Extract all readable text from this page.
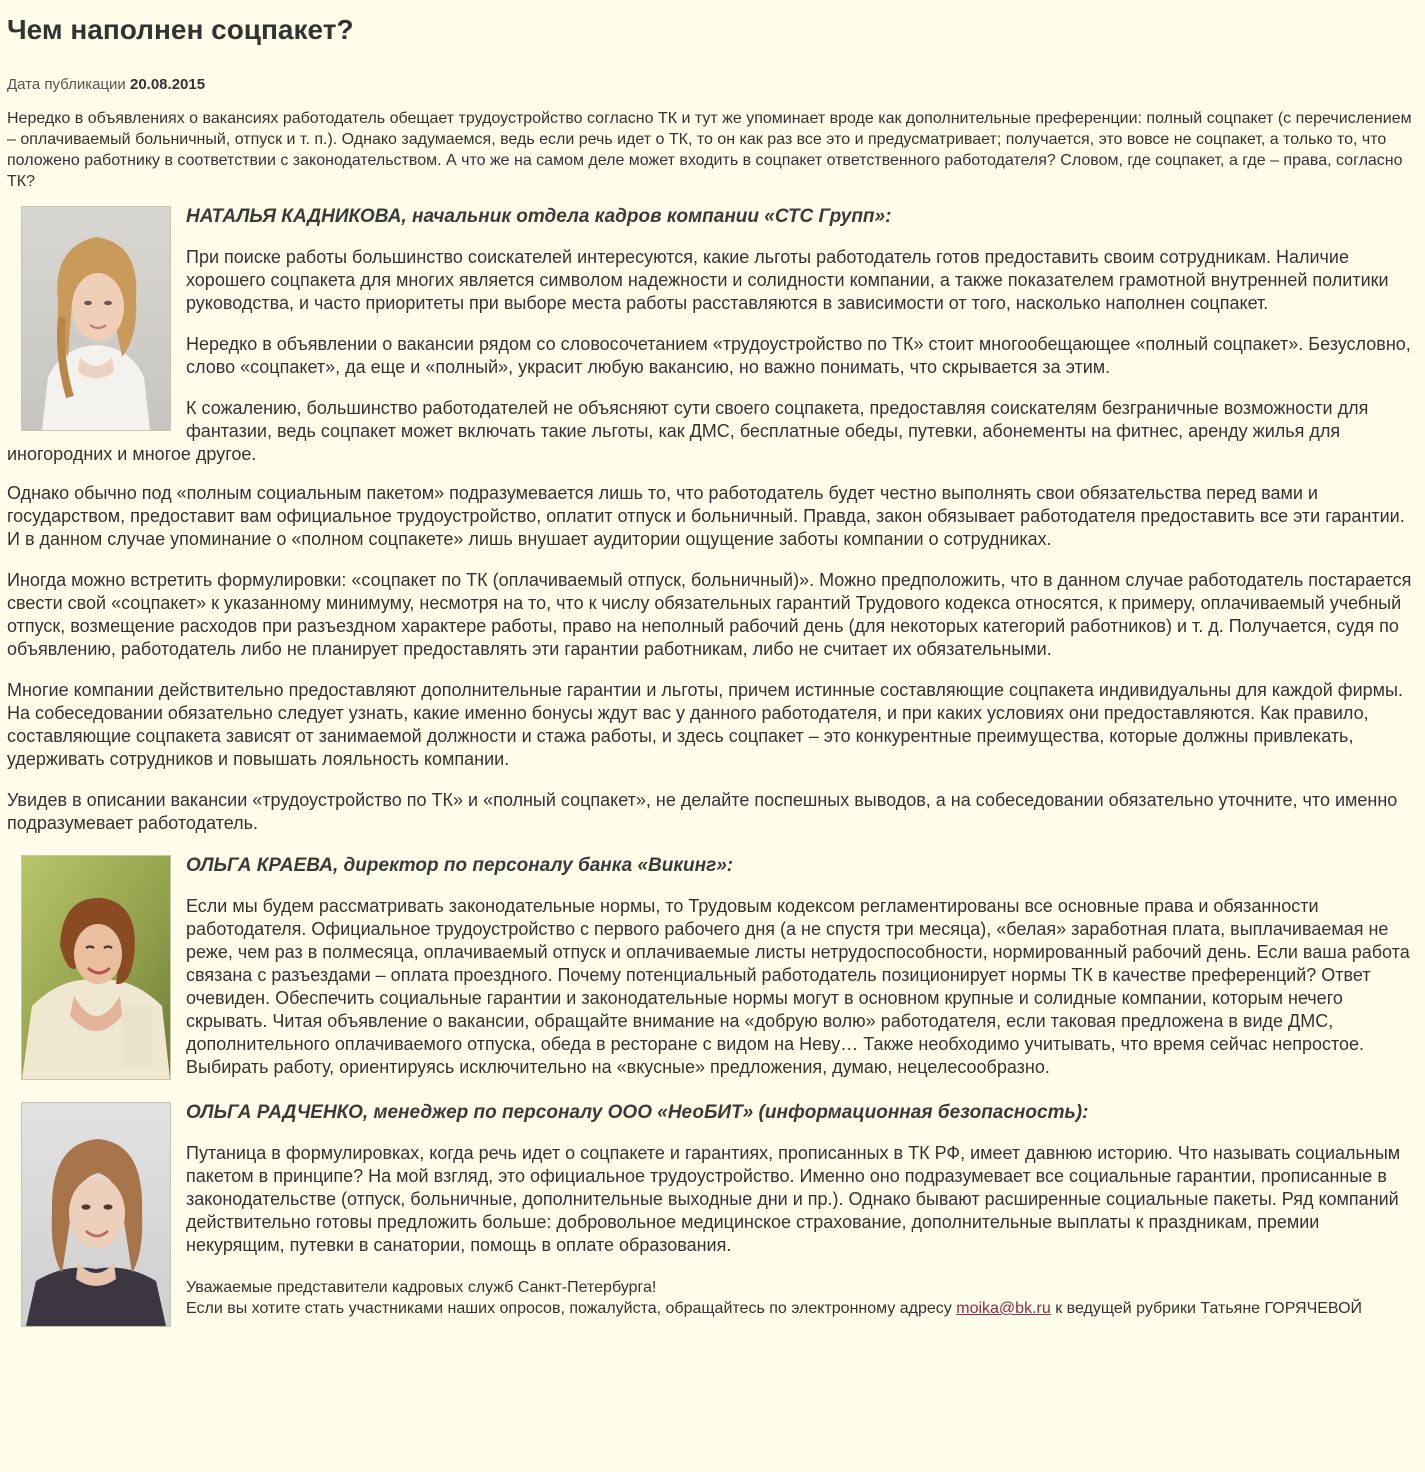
Чем наполнен соцпакет?
Дата публикации 20.08.2015
Нередко в объявлениях о вакансиях работодатель обещает трудоустройство согласно ТК и тут же упоминает вроде как дополнительные преференции: полный соцпакет (с перечислением – оплачиваемый больничный, отпуск и т. п.). Однако задумаемся, ведь если речь идет о ТК, то он как раз все это и предусматривает; получается, это вовсе не соцпакет, а только то, что положено работнику в соответствии с законодательством. А что же на самом деле может входить в соцпакет ответственного работодателя? Словом, где соцпакет, а где – права, согласно ТК?
НАТАЛЬЯ КАДНИКОВА, начальник отдела кадров компании «СТС Групп»:

При поиске работы большинство соискателей интересуются, какие льготы работодатель готов предоставить своим сотрудникам. Наличие хорошего соцпакета для многих является символом надежности и солидности компании, а также показателем грамотной внутренней политики руководства, и часто приоритеты при выборе места работы расставляются в зависимости от того, насколько наполнен соцпакет.

Нередко в объявлении о вакансии рядом со словосочетанием «трудоустройство по ТК» стоит многообещающее «полный соцпакет». Безусловно, слово «соцпакет», да еще и «полный», украсит любую вакансию, но важно понимать, что скрывается за этим.

К сожалению, большинство работодателей не объясняют сути своего соцпакета, предоставляя соискателям безграничные возможности для фантазии, ведь соцпакет может включать такие льготы, как ДМС, бесплатные обеды, путевки, абонементы на фитнес, аренду жилья для иногородних и многое другое.

Однако обычно под «полным социальным пакетом» подразумевается лишь то, что работодатель будет честно выполнять свои обязательства перед вами и государством, предоставит вам официальное трудоустройство, оплатит отпуск и больничный. Правда, закон обязывает работодателя предоставить все эти гарантии. И в данном случае упоминание о «полном соцпакете» лишь внушает аудитории ощущение заботы компании о сотрудниках.

Иногда можно встретить формулировки: «соцпакет по ТК (оплачиваемый отпуск, больничный)». Можно предположить, что в данном случае работодатель постарается свести свой «соцпакет» к указанному минимуму, несмотря на то, что к числу обязательных гарантий Трудового кодекса относятся, к примеру, оплачиваемый учебный отпуск, возмещение расходов при разъездном характере работы, право на неполный рабочий день (для некоторых категорий работников) и т. д. Получается, судя по объявлению, работодатель либо не планирует предоставлять эти гарантии работникам, либо не считает их обязательными.

Многие компании действительно предоставляют дополнительные гарантии и льготы, причем истинные составляющие соцпакета индивидуальны для каждой фирмы. На собеседовании обязательно следует узнать, какие именно бонусы ждут вас у данного работодателя, и при каких условиях они предоставляются. Как правило, составляющие соцпакета зависят от занимаемой должности и стажа работы, и здесь соцпакет – это конкурентные преимущества, которые должны привлекать, удерживать сотрудников и повышать лояльность компании.

Увидев в описании вакансии «трудоустройство по ТК» и «полный соцпакет», не делайте поспешных выводов, а на собеседовании обязательно уточните, что именно подразумевает работодатель.

ОЛЬГА КРАЕВА, директор по персоналу банка «Викинг»:

Если мы будем рассматривать законодательные нормы, то Трудовым кодексом регламентированы все основные права и обязанности работодателя. Официальное трудоустройство с первого рабочего дня (а не спустя три месяца), «белая» заработная плата, выплачиваемая не реже, чем раз в полмесяца, оплачиваемый отпуск и оплачиваемые листы нетрудоспособности, нормированный рабочий день. Если ваша работа связана с разъездами – оплата проездного. Почему потенциальный работодатель позиционирует нормы ТК в качестве преференций? Ответ очевиден. Обеспечить социальные гарантии и законодательные нормы могут в основном крупные и солидные компании, которым нечего скрывать. Читая объявление о вакансии, обращайте внимание на «добрую волю» работодателя, если таковая предложена в виде ДМС, дополнительного оплачиваемого отпуска, обеда в ресторане с видом на Неву… Также необходимо учитывать, что время сейчас непростое. Выбирать работу, ориентируясь исключительно на «вкусные» предложения, думаю, нецелесообразно.

ОЛЬГА РАДЧЕНКО, менеджер по персоналу ООО «НеоБИТ» (информационная безопасность):

Путаница в формулировках, когда речь идет о соцпакете и гарантиях, прописанных в ТК РФ, имеет давнюю историю. Что называть социальным пакетом в принципе? На мой взгляд, это официальное трудоустройство. Именно оно подразумевает все социальные гарантии, прописанные в законодательстве (отпуск, больничные, дополнительные выходные дни и пр.). Однако бывают расширенные социальные пакеты. Ряд компаний действительно готовы предложить больше: добровольное медицинское страхование, дополнительные выплаты к праздникам, премии некурящим, путевки в санатории, помощь в оплате образования.

Уважаемые представители кадровых служб Санкт-Петербурга!
Если вы хотите стать участниками наших опросов, пожалуйста, обращайтесь по электронному адресу moika@bk.ru к ведущей рубрики Татьяне ГОРЯЧЕВОЙ
